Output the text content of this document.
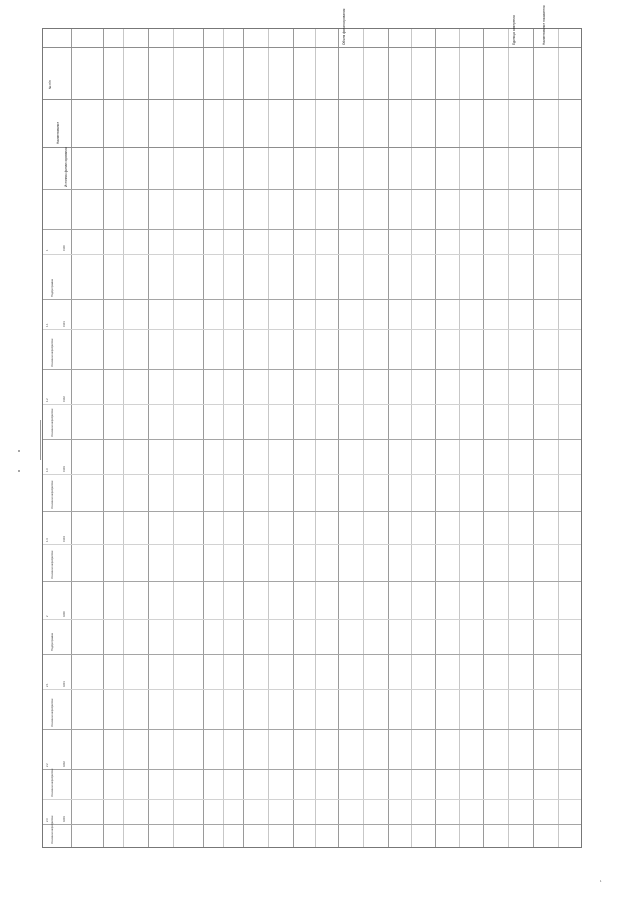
№ п/п
Наименование
Источник финансирования
Объем финансирования	Наименование показателя
Единица измерения
1
Подпрограмма
1.1
Основное мероприятие
1.2
Основное мероприятие
1.3
Основное мероприятие
1.4
Основное мероприятие
2
Подпрограмма
2.1
Основное мероприятие
2.2
Основное мероприятие
2.3 Основное мероприятие
0100
0101
0102
0103
0104
0200
0201
0202
0203
1
